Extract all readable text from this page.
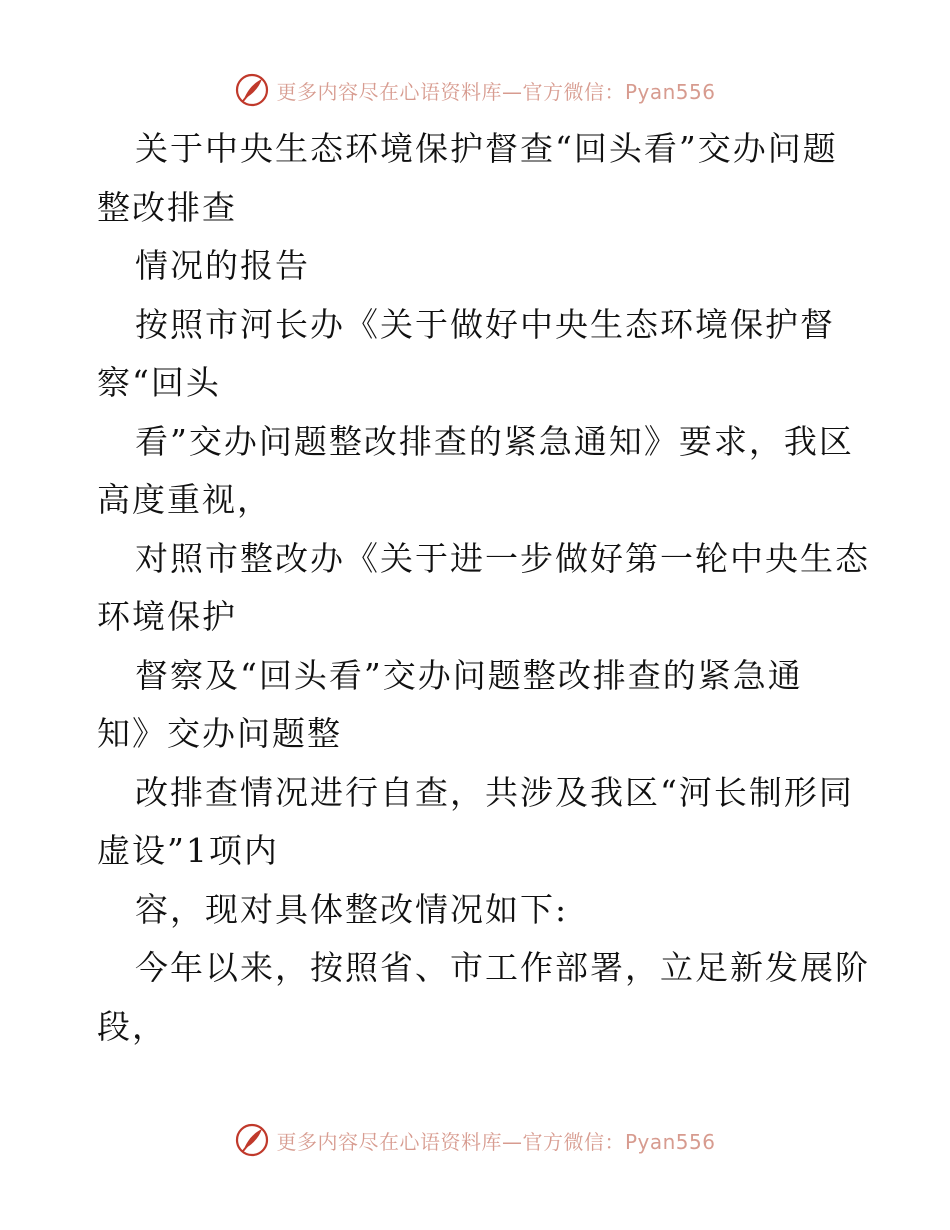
更多内容尽在心语资料库—官方微信：Pyan556
关于中央生态环境保护督查“回头看”交办问题
整改排查
情况的报告
按照市河长办《关于做好中央生态环境保护督
察“回头
看”交办问题整改排查的紧急通知》要求，我区
高度重视，
对照市整改办《关于进一步做好第一轮中央生态
环境保护
督察及“回头看”交办问题整改排查的紧急通
知》交办问题整
改排查情况进行自查，共涉及我区“河长制形同
虚设”1项内
容，现对具体整改情况如下:
今年以来，按照省、市工作部署，立足新发展阶
段，
更多内容尽在心语资料库—官方微信：Pyan556
